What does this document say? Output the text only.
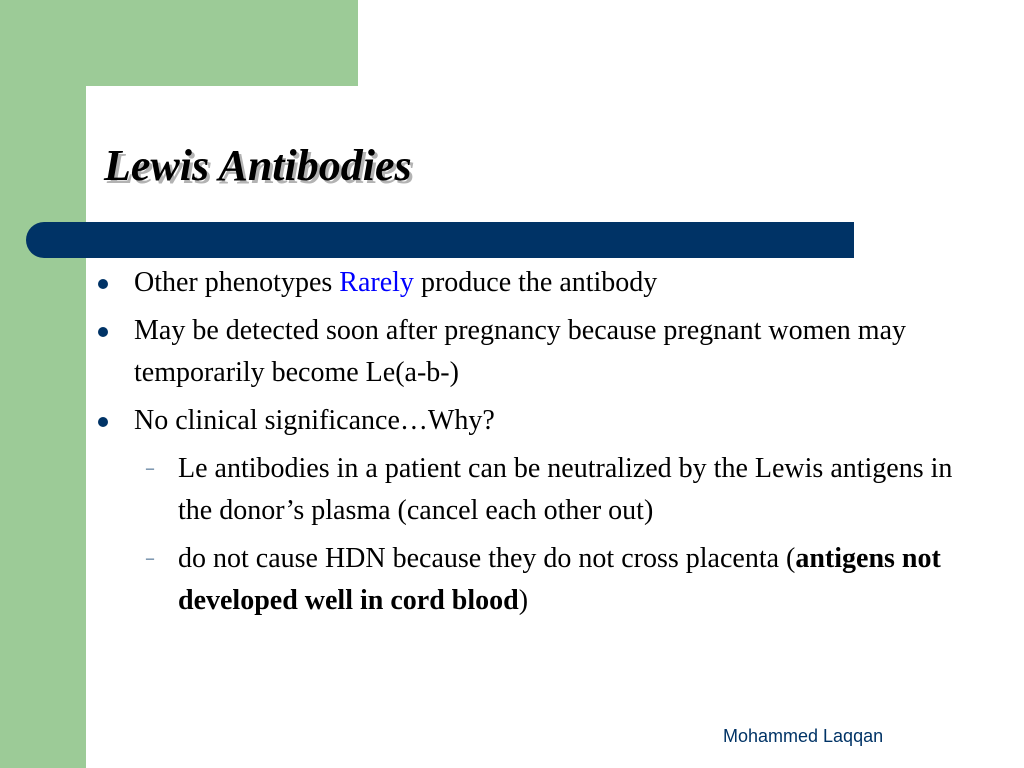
Lewis Antibodies
Other phenotypes Rarely produce the antibody
May be detected soon after pregnancy because pregnant women may temporarily become Le(a-b-)
No clinical significance…Why?
– Le antibodies in a patient can be neutralized by the Lewis antigens in the donor’s plasma (cancel each other out)
– do not cause HDN because they do not cross placenta (antigens not developed well in cord blood)
Mohammed Laqqan
